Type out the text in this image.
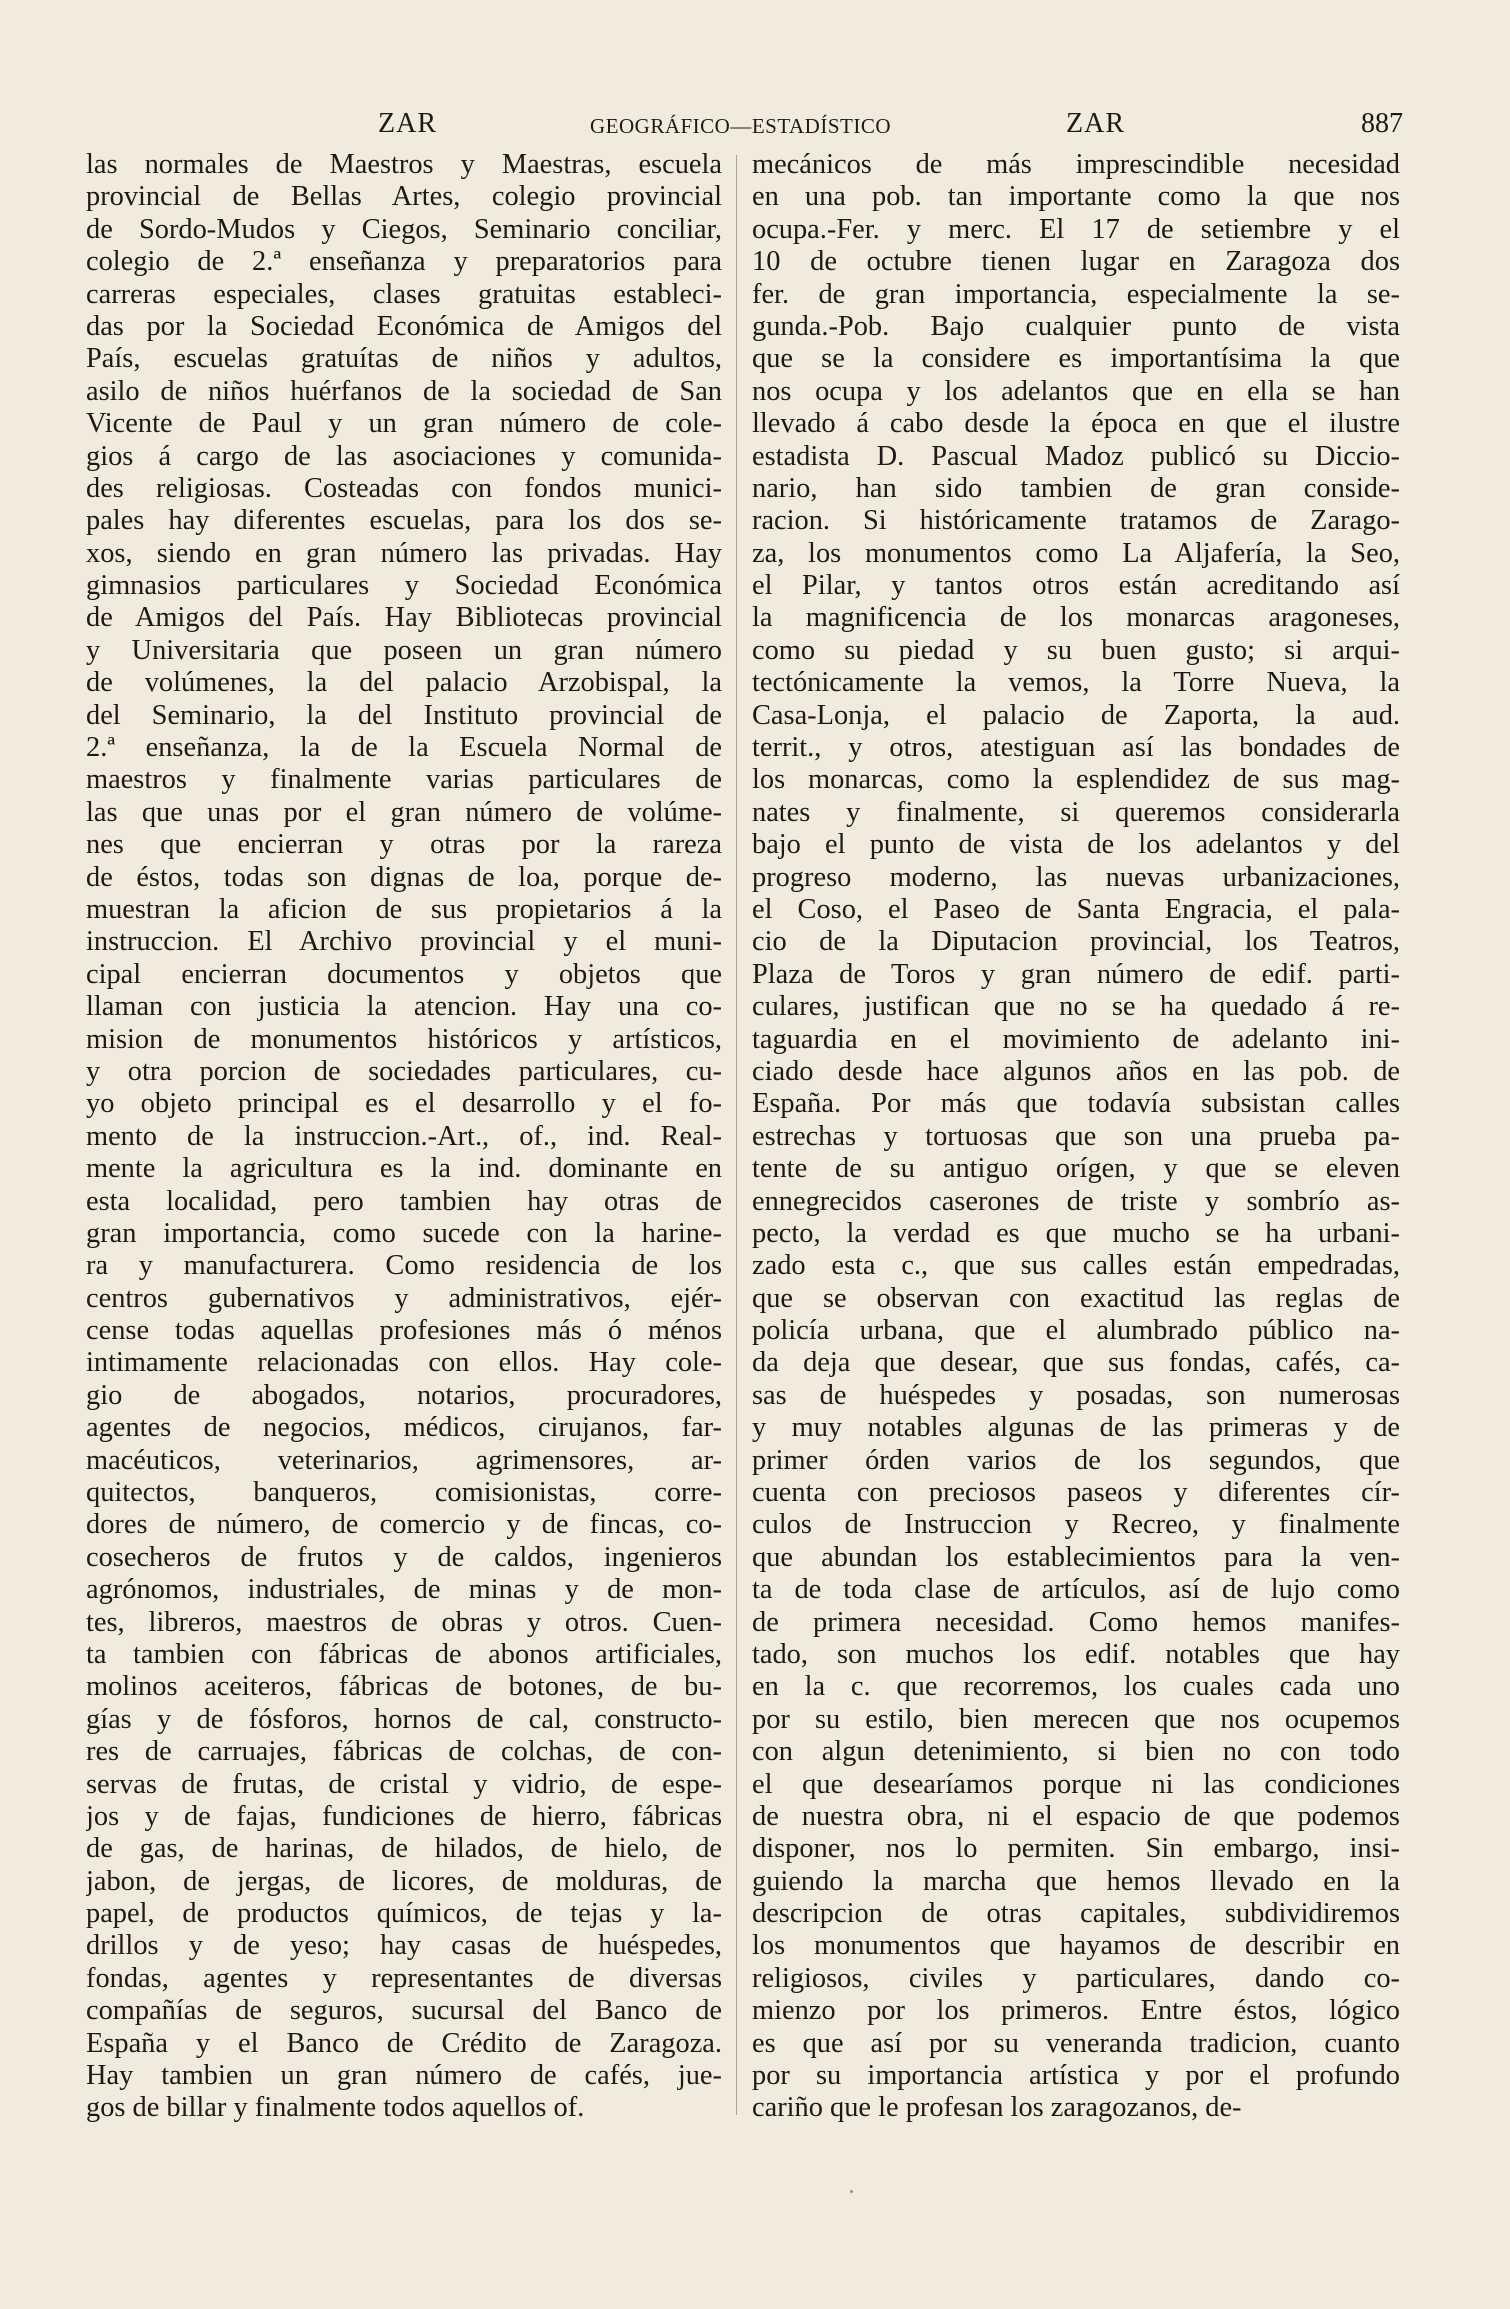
ZAR	GEOGRÁFICO—ESTADÍSTICO	ZAR	887
las normales de Maestros y Maestras, escuela
provincial de Bellas Artes, colegio provincial
de Sordo-Mudos y Ciegos, Seminario conciliar,
colegio de 2.ª enseñanza y preparatorios para
carreras especiales, clases gratuitas estableci-
das por la Sociedad Económica de Amigos del
País, escuelas gratuítas de niños y adultos,
asilo de niños huérfanos de la sociedad de San
Vicente de Paul y un gran número de cole-
gios á cargo de las asociaciones y comunida-
des religiosas. Costeadas con fondos munici-
pales hay diferentes escuelas, para los dos se-
xos, siendo en gran número las privadas. Hay
gimnasios particulares y Sociedad Económica
de Amigos del País. Hay Bibliotecas provincial
y Universitaria que poseen un gran número
de volúmenes, la del palacio Arzobispal, la
del Seminario, la del Instituto provincial de
2.ª enseñanza, la de la Escuela Normal de
maestros y finalmente varias particulares de
las que unas por el gran número de volúme-
nes que encierran y otras por la rareza
de éstos, todas son dignas de loa, porque de-
muestran la aficion de sus propietarios á la
instruccion. El Archivo provincial y el muni-
cipal encierran documentos y objetos que
llaman con justicia la atencion. Hay una co-
mision de monumentos históricos y artísticos,
y otra porcion de sociedades particulares, cu-
yo objeto principal es el desarrollo y el fo-
mento de la instruccion.-Art., of., ind. Real-
mente la agricultura es la ind. dominante en
esta localidad, pero tambien hay otras de
gran importancia, como sucede con la harine-
ra y manufacturera. Como residencia de los
centros gubernativos y administrativos, ejér-
cense todas aquellas profesiones más ó ménos
intimamente relacionadas con ellos. Hay cole-
gio de abogados, notarios, procuradores,
agentes de negocios, médicos, cirujanos, far-
macéuticos, veterinarios, agrimensores, ar-
quitectos, banqueros, comisionistas, corre-
dores de número, de comercio y de fincas, co-
cosecheros de frutos y de caldos, ingenieros
agrónomos, industriales, de minas y de mon-
tes, libreros, maestros de obras y otros. Cuen-
ta tambien con fábricas de abonos artificiales,
molinos aceiteros, fábricas de botones, de bu-
gías y de fósforos, hornos de cal, constructo-
res de carruajes, fábricas de colchas, de con-
servas de frutas, de cristal y vidrio, de espe-
jos y de fajas, fundiciones de hierro, fábricas
de gas, de harinas, de hilados, de hielo, de
jabon, de jergas, de licores, de molduras, de
papel, de productos químicos, de tejas y la-
drillos y de yeso; hay casas de huéspedes,
fondas, agentes y representantes de diversas
compañías de seguros, sucursal del Banco de
España y el Banco de Crédito de Zaragoza.
Hay tambien un gran número de cafés, jue-
gos de billar y finalmente todos aquellos of.
mecánicos de más imprescindible necesidad
en una pob. tan importante como la que nos
ocupa.-Fer. y merc. El 17 de setiembre y el
10 de octubre tienen lugar en Zaragoza dos
fer. de gran importancia, especialmente la se-
gunda.-Pob. Bajo cualquier punto de vista
que se la considere es importantísima la que
nos ocupa y los adelantos que en ella se han
llevado á cabo desde la época en que el ilustre
estadista D. Pascual Madoz publicó su Diccio-
nario, han sido tambien de gran conside-
racion. Si históricamente tratamos de Zarago-
za, los monumentos como La Aljafería, la Seo,
el Pilar, y tantos otros están acreditando así
la magnificencia de los monarcas aragoneses,
como su piedad y su buen gusto; si arqui-
tectónicamente la vemos, la Torre Nueva, la
Casa-Lonja, el palacio de Zaporta, la aud.
territ., y otros, atestiguan así las bondades de
los monarcas, como la esplendidez de sus mag-
nates y finalmente, si queremos considerarla
bajo el punto de vista de los adelantos y del
progreso moderno, las nuevas urbanizaciones,
el Coso, el Paseo de Santa Engracia, el pala-
cio de la Diputacion provincial, los Teatros,
Plaza de Toros y gran número de edif. parti-
culares, justifican que no se ha quedado á re-
taguardia en el movimiento de adelanto ini-
ciado desde hace algunos años en las pob. de
España. Por más que todavía subsistan calles
estrechas y tortuosas que son una prueba pa-
tente de su antiguo orígen, y que se eleven
ennegrecidos caserones de triste y sombrío as-
pecto, la verdad es que mucho se ha urbani-
zado esta c., que sus calles están empedradas,
que se observan con exactitud las reglas de
policía urbana, que el alumbrado público na-
da deja que desear, que sus fondas, cafés, ca-
sas de huéspedes y posadas, son numerosas
y muy notables algunas de las primeras y de
primer órden varios de los segundos, que
cuenta con preciosos paseos y diferentes cír-
culos de Instruccion y Recreo, y finalmente
que abundan los establecimientos para la ven-
ta de toda clase de artículos, así de lujo como
de primera necesidad. Como hemos manifes-
tado, son muchos los edif. notables que hay
en la c. que recorremos, los cuales cada uno
por su estilo, bien merecen que nos ocupemos
con algun detenimiento, si bien no con todo
el que desearíamos porque ni las condiciones
de nuestra obra, ni el espacio de que podemos
disponer, nos lo permiten. Sin embargo, insi-
guiendo la marcha que hemos llevado en la
descripcion de otras capitales, subdividiremos
los monumentos que hayamos de describir en
religiosos, civiles y particulares, dando co-
mienzo por los primeros. Entre éstos, lógico
es que así por su veneranda tradicion, cuanto
por su importancia artística y por el profundo
cariño que le profesan los zaragozanos, de-
